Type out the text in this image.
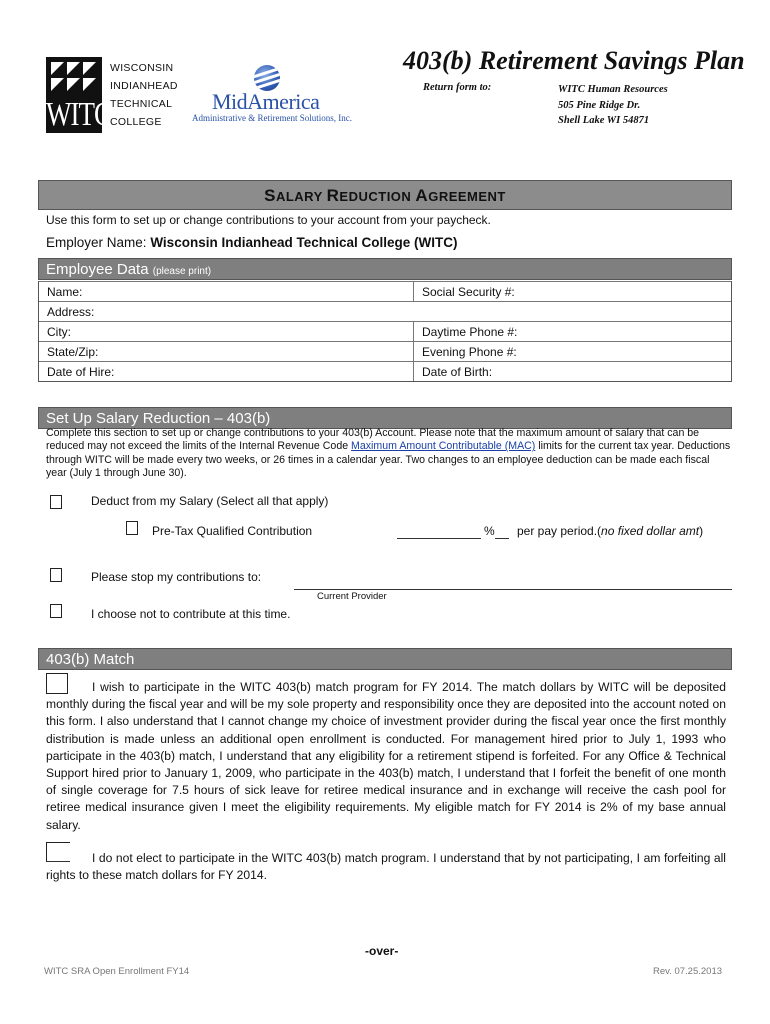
WITC
WISCONSIN
INDIANHEAD
TECHNICAL
COLLEGE
MidAmerica
Administrative & Retirement Solutions, Inc.
403(b) Retirement Savings Plan
Return form to:	WITC Human Resources
505 Pine Ridge Dr.
Shell Lake WI 54871
SALARY REDUCTION AGREEMENT
Use this form to set up or change contributions to your account from your paycheck.
Employer Name: Wisconsin Indianhead Technical College (WITC)
Employee Data (please print)
Name:	Social Security #:
Address:
City:	Daytime Phone #:
State/Zip:	Evening Phone #:
Date of Hire:	Date of Birth:
Set Up Salary Reduction – 403(b)
Complete this section to set up or change contributions to your 403(b) Account. Please note that the maximum amount of salary that can be reduced may not exceed the limits of the Internal Revenue Code Maximum Amount Contributable (MAC) limits for the current tax year. Deductions through WITC will be made every two weeks, or 26 times in a calendar year. Two changes to an employee deduction can be made each fiscal year (July 1 through June 30).
Deduct from my Salary (Select all that apply)
Pre-Tax Qualified Contribution	% per pay period.(no fixed dollar amt)
Please stop my contributions to:
Current Provider
I choose not to contribute at this time.
403(b) Match
I wish to participate in the WITC 403(b) match program for FY 2014. The match dollars by WITC will be deposited monthly during the fiscal year and will be my sole property and responsibility once they are deposited into the account noted on this form. I also understand that I cannot change my choice of investment provider during the fiscal year once the first monthly distribution is made unless an additional open enrollment is conducted. For management hired prior to July 1, 1993 who participate in the 403(b) match, I understand that any eligibility for a retirement stipend is forfeited. For any Office & Technical Support hired prior to January 1, 2009, who participate in the 403(b) match, I understand that I forfeit the benefit of one month of single coverage for 7.5 hours of sick leave for retiree medical insurance and in exchange will receive the cash pool for retiree medical insurance given I meet the eligibility requirements. My eligible match for FY 2014 is 2% of my base annual salary.
I do not elect to participate in the WITC 403(b) match program. I understand that by not participating, I am forfeiting all rights to these match dollars for FY 2014.
-over-
WITC SRA Open Enrollment FY14	Rev. 07.25.2013
